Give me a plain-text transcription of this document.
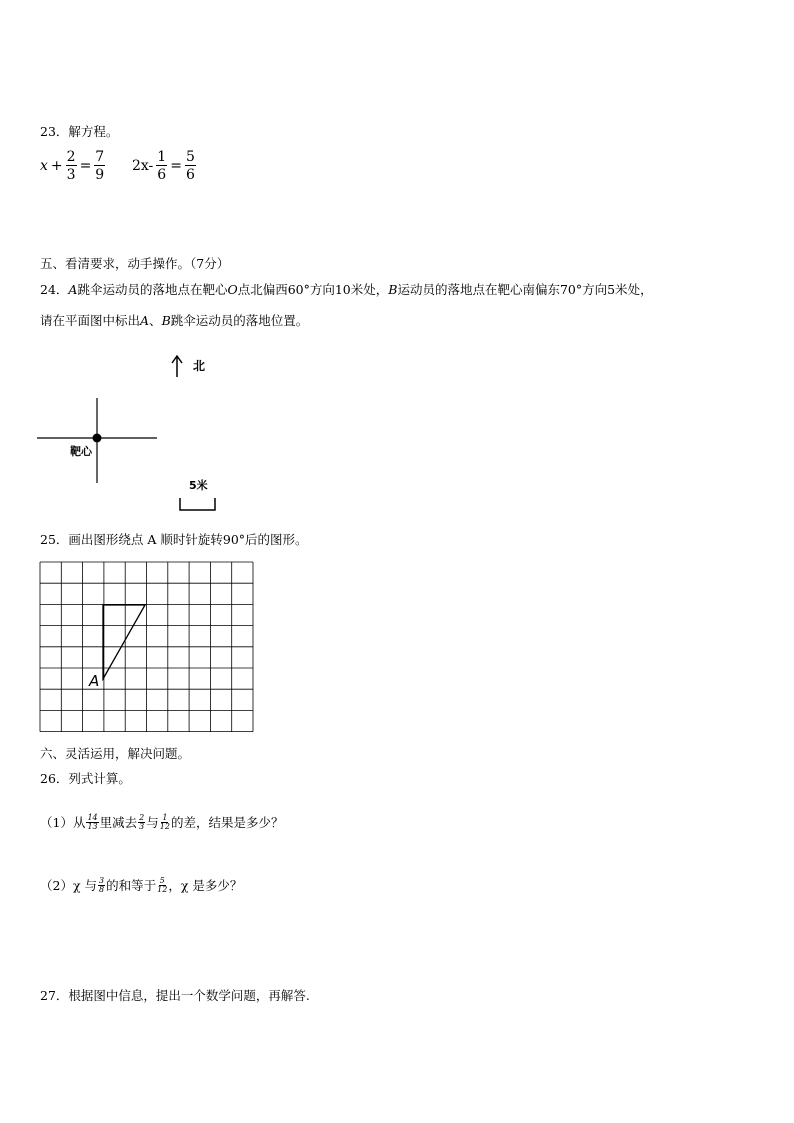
23．解方程。
$x + \frac{2}{3} = \frac{7}{9} 2x- \frac{1}{6} = \frac{5}{6}$
五、看清要求，动手操作。（7分）
24．A跳伞运动员的落地点在靶心O点北偏西60°方向10米处，B运动员的落地点在靶心南偏东70°方向5米处，
请在平面图中标出A、B跳伞运动员的落地位置。
北
靶心
5米
25．画出图形绕点 A 顺时针旋转90°后的图形。
A
六、灵活运用，解决问题。
26．列式计算。
（1）从 $\frac{14}{13}$ 里减去 $\frac{2}{3}$ 与 $\frac{1}{12}$ 的差，结果是多少？
（2）χ 与 $\frac{3}{8}$ 的和等于 $\frac{5}{12}$ ，χ 是多少？
27．根据图中信息，提出一个数学问题，再解答.
